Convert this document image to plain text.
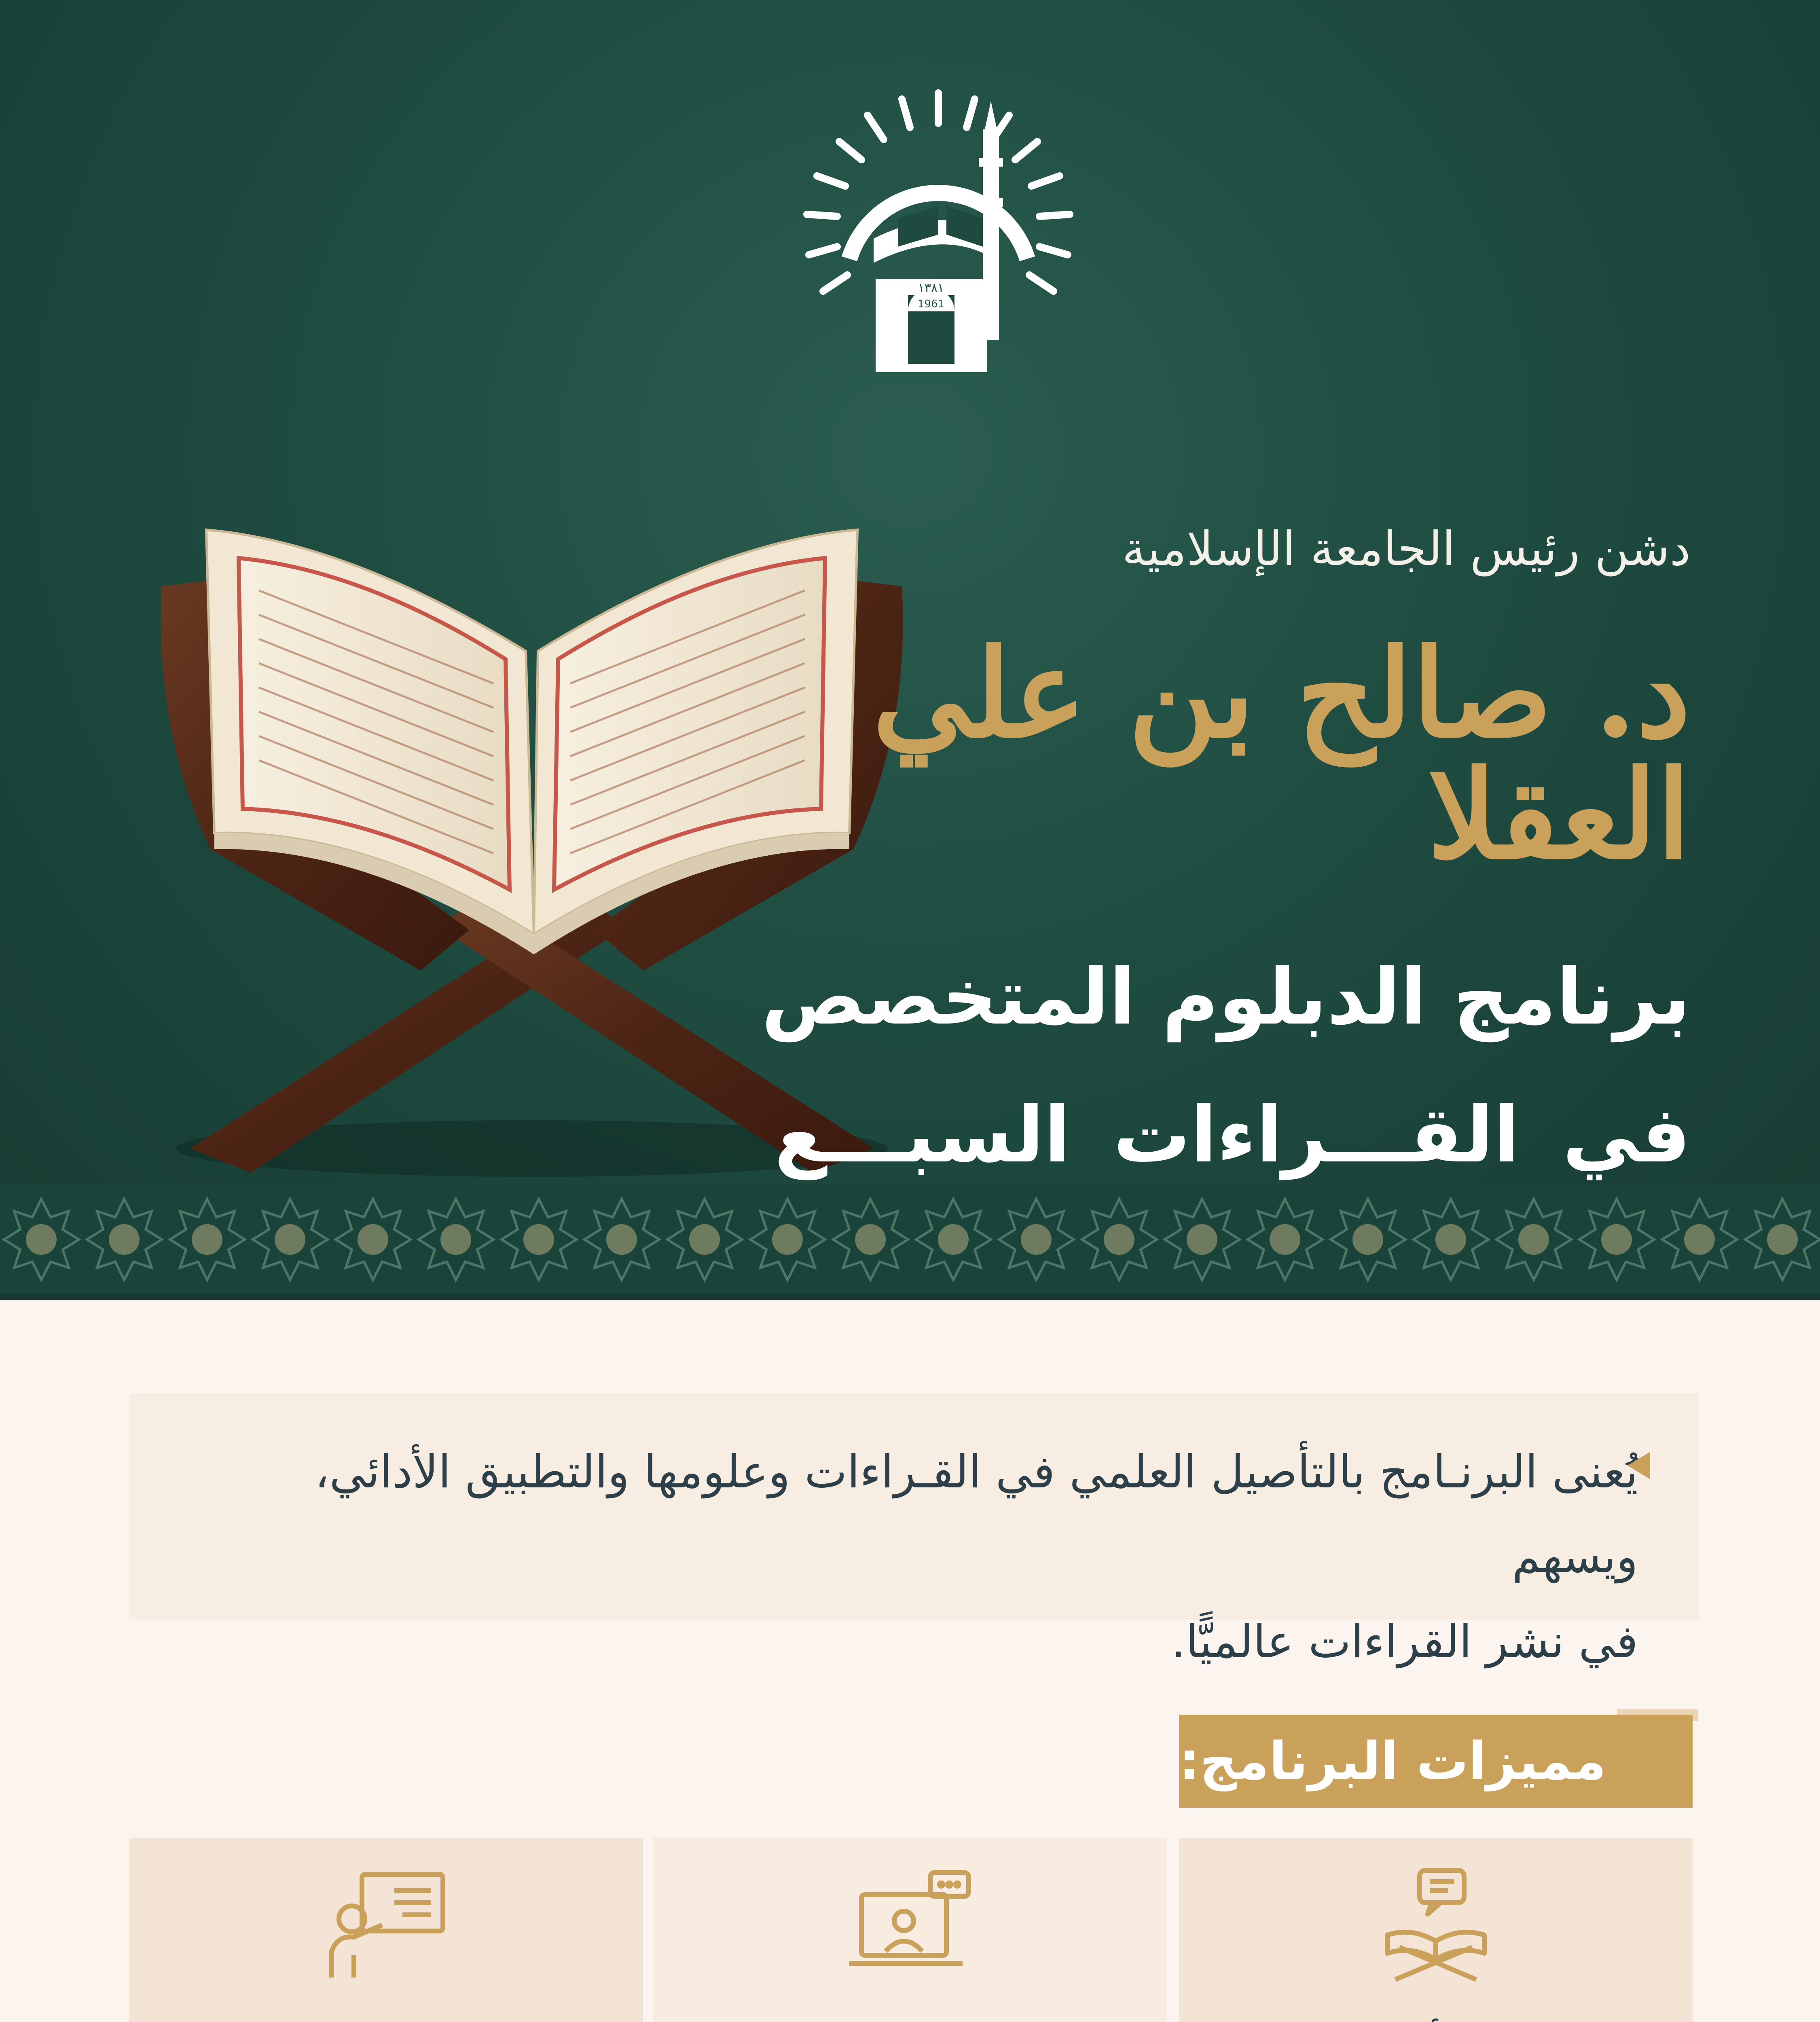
١٣٨١
1961

دشن رئيس الجامعة الإسلامية

د. صالح بن علي العقلا

برنامج الدبلوم المتخصص

في القـــراءات السبـــع

يُعنى البرنـامج بالتأصيل العلمي في القـراءات وعلومها والتطبيق الأدائي، ويسهم
في نشر القراءات عالميًّا.

مميزات البرنامج:
